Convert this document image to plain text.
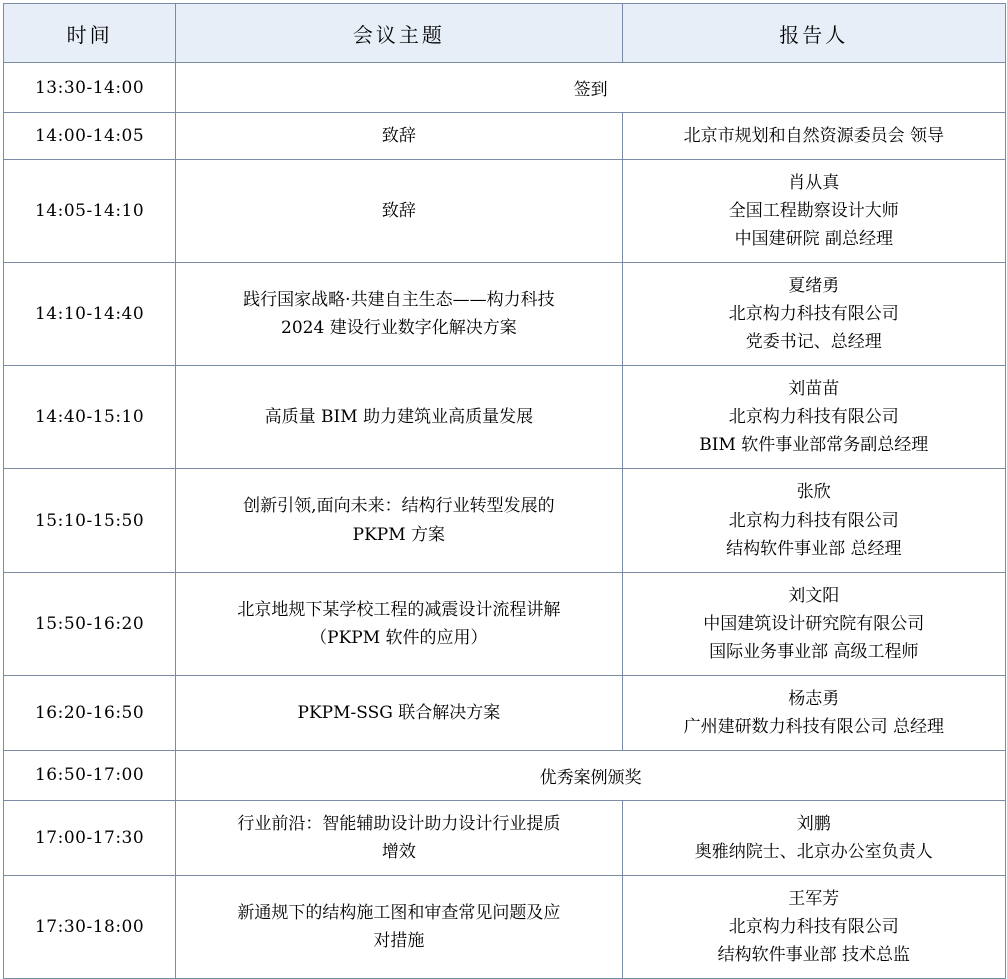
时间	会议主题	报告人
13:30-14:00	签到	
14:00-14:05	致辞	北京市规划和自然资源委员会 领导

14:05-14:10	致辞	肖从真
全国工程勘察设计大师
中国建研院 副总经理

14:10-14:40	践行国家战略·共建自主生态——构力科技
2024 建设行业数字化解决方案	夏绪勇
北京构力科技有限公司
党委书记、总经理

14:40-15:10	高质量 BIM 助力建筑业高质量发展	刘苗苗
北京构力科技有限公司
BIM 软件事业部常务副总经理

15:10-15:50	创新引领,面向未来：结构行业转型发展的
PKPM 方案	张欣
北京构力科技有限公司
结构软件事业部 总经理

15:50-16:20	北京地规下某学校工程的减震设计流程讲解
（PKPM 软件的应用）	刘文阳
中国建筑设计研究院有限公司
国际业务事业部 高级工程师

16:20-16:50	PKPM-SSG 联合解决方案	杨志勇
广州建研数力科技有限公司 总经理

16:50-17:00	优秀案例颁奖	
17:00-17:30	行业前沿：智能辅助设计助力设计行业提质
增效	刘鹏
奥雅纳院士、北京办公室负责人

17:30-18:00	新通规下的结构施工图和审查常见问题及应
对措施	王军芳
北京构力科技有限公司
结构软件事业部 技术总监
